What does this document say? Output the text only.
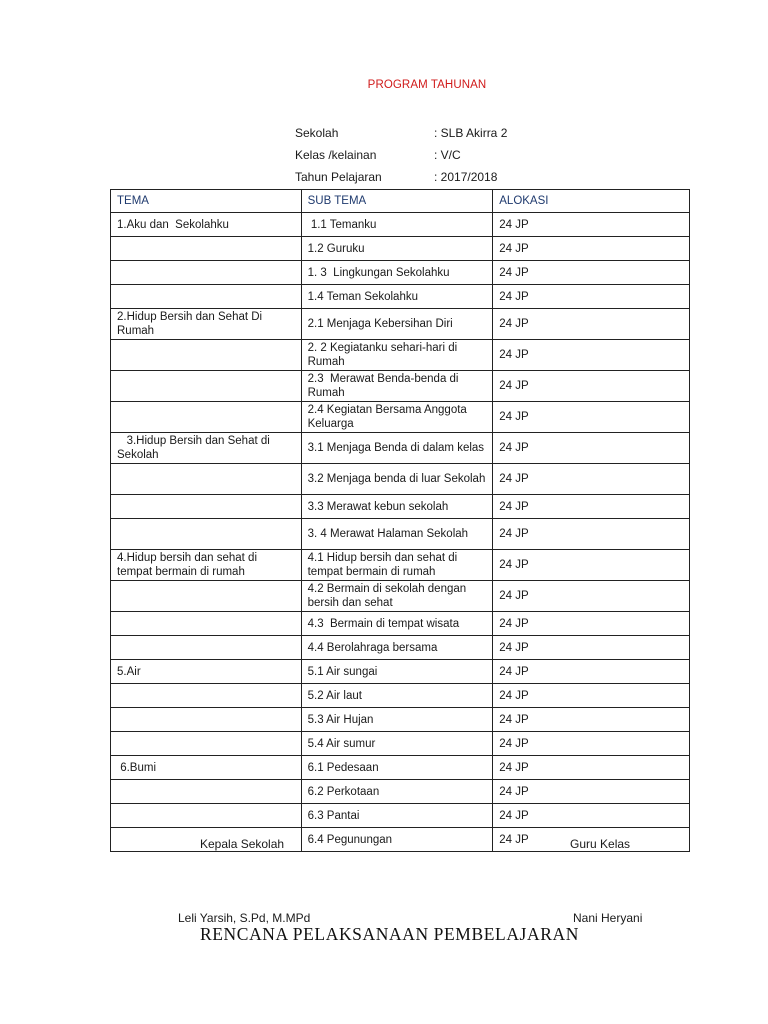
PROGRAM TAHUNAN
Sekolah	: SLB Akirra 2
Kelas /kelainan	: V/C
Tahun Pelajaran	: 2017/2018
TEMA	SUB TEMA	ALOKASI
1.Aku dan  Sekolahku	1.1 Temanku	24 JP
	1.2 Guruku	24 JP
	1. 3  Lingkungan Sekolahku	24 JP
	1.4 Teman Sekolahku	24 JP
2.Hidup Bersih dan Sehat Di Rumah	2.1 Menjaga Kebersihan Diri	24 JP
	2. 2 Kegiatanku sehari-hari di Rumah	24 JP
	2.3  Merawat Benda-benda di Rumah	24 JP
	2.4 Kegiatan Bersama Anggota Keluarga	24 JP
3.Hidup Bersih dan Sehat di Sekolah	3.1 Menjaga Benda di dalam kelas	24 JP
	3.2 Menjaga benda di luar Sekolah	24 JP
	3.3 Merawat kebun sekolah	24 JP
	3. 4 Merawat Halaman Sekolah	24 JP
4.Hidup bersih dan sehat di tempat bermain di rumah	4.1 Hidup bersih dan sehat di tempat bermain di rumah	24 JP
	4.2 Bermain di sekolah dengan bersih dan sehat	24 JP
	4.3  Bermain di tempat wisata	24 JP
	4.4 Berolahraga bersama	24 JP
5.Air	5.1 Air sungai	24 JP
	5.2 Air laut	24 JP
	5.3 Air Hujan	24 JP
	5.4 Air sumur	24 JP
6.Bumi	6.1 Pedesaan	24 JP
	6.2 Perkotaan	24 JP
	6.3 Pantai	24 JP
	6.4 Pegunungan	24 JP
Kepala Sekolah	Guru Kelas
Leli Yarsih, S.Pd, M.MPd	Nani Heryani
RENCANA PELAKSANAAN PEMBELAJARAN
